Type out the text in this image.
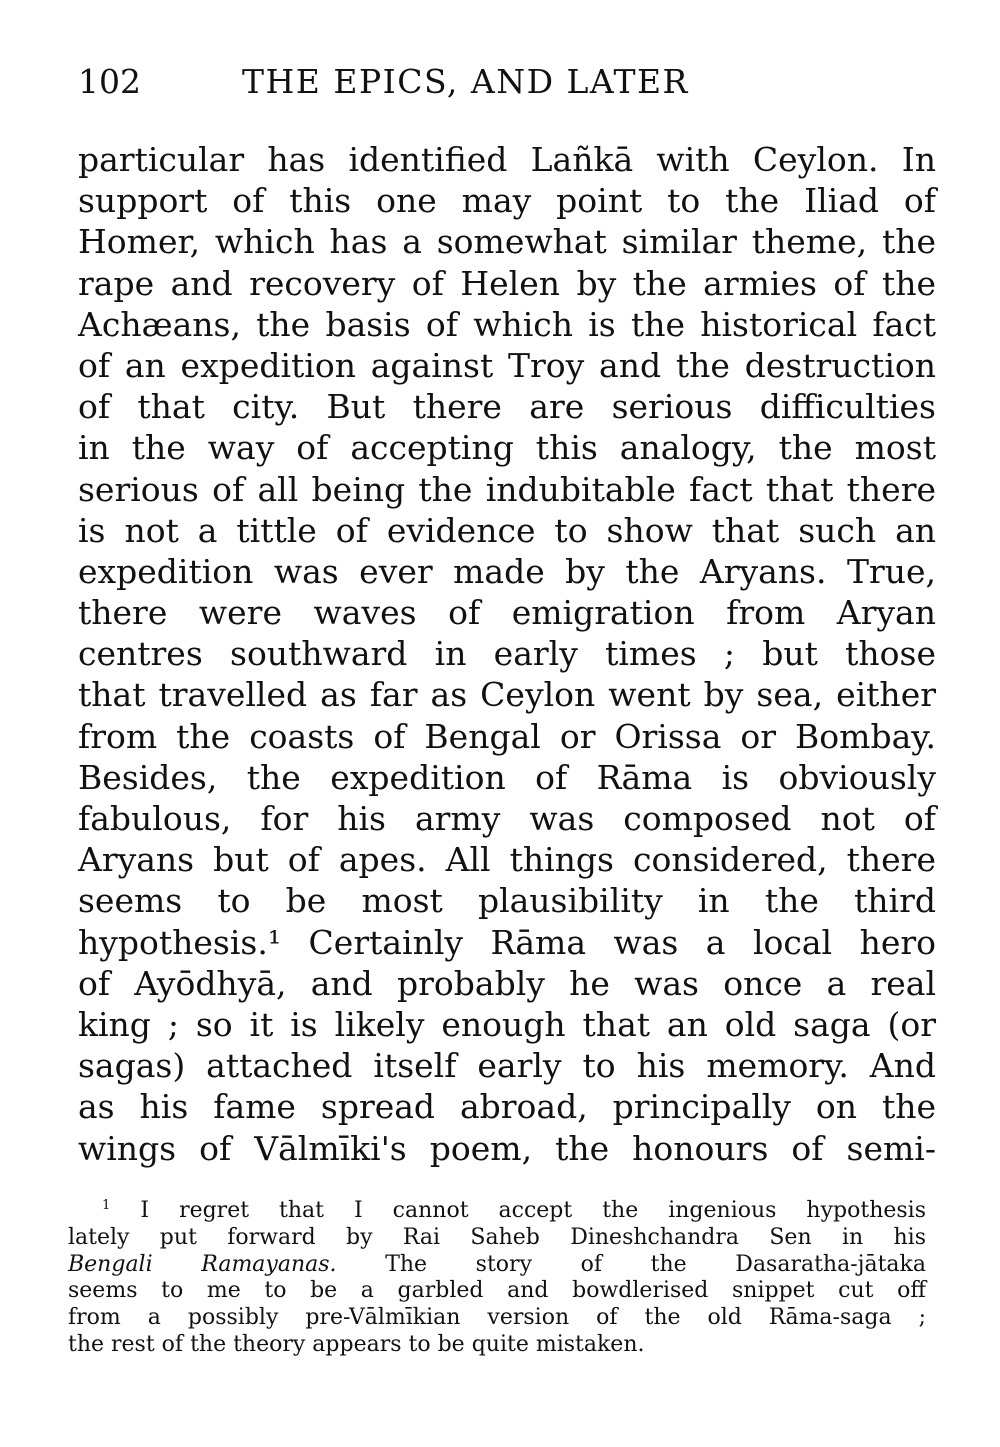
102	THE EPICS, AND LATER
particular has identified Lañkā with Ceylon. In
support of this one may point to the Iliad of
Homer, which has a somewhat similar theme, the
rape and recovery of Helen by the armies of the
Achæans, the basis of which is the historical fact
of an expedition against Troy and the destruction
of that city. But there are serious difficulties
in the way of accepting this analogy, the most
serious of all being the indubitable fact that there
is not a tittle of evidence to show that such an
expedition was ever made by the Aryans. True,
there were waves of emigration from Aryan
centres southward in early times ; but those
that travelled as far as Ceylon went by sea, either
from the coasts of Bengal or Orissa or Bombay.
Besides, the expedition of Rāma is obviously
fabulous, for his army was composed not of
Aryans but of apes. All things considered, there
seems to be most plausibility in the third
hypothesis.¹ Certainly Rāma was a local hero
of Ayōdhyā, and probably he was once a real
king ; so it is likely enough that an old saga (or
sagas) attached itself early to his memory. And
as his fame spread abroad, principally on the
wings of Vālmīki's poem, the honours of semi-
$^1$ I regret that I cannot accept the ingenious hypothesis
lately put forward by Rai Saheb Dineshchandra Sen in his
Bengali Ramayanas. The story of the Dasaratha-jātaka
seems to me to be a garbled and bowdlerised snippet cut off
from a possibly pre-Vālmīkian version of the old Rāma-saga ;
the rest of the theory appears to be quite mistaken.
